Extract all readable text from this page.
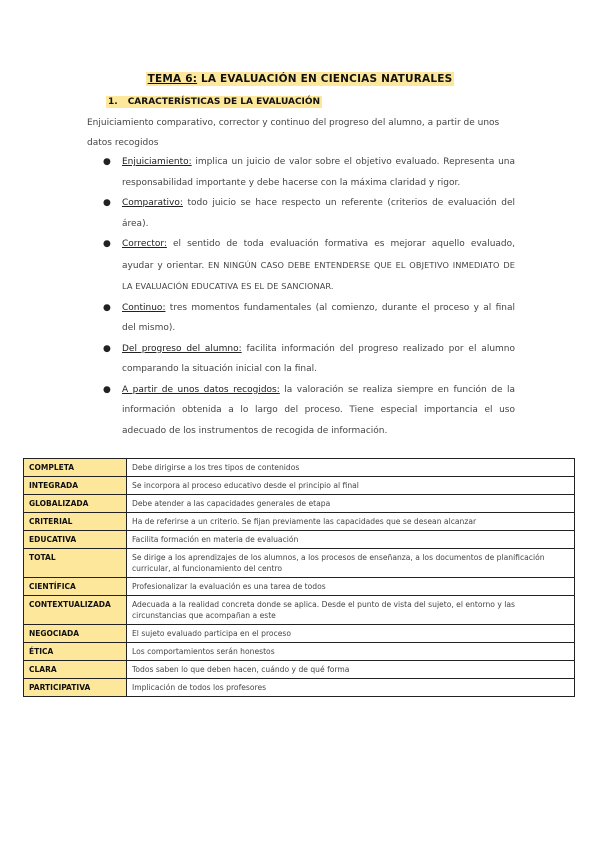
TEMA 6: LA EVALUACIÓN EN CIENCIAS NATURALES
1. CARACTERÍSTICAS DE LA EVALUACIÓN
Enjuiciamiento comparativo, corrector y continuo del progreso del alumno, a partir de unos datos recogidos
● Enjuiciamiento: implica un juicio de valor sobre el objetivo evaluado. Representa una responsabilidad importante y debe hacerse con la máxima claridad y rigor.
● Comparativo: todo juicio se hace respecto un referente (criterios de evaluación del área).
● Corrector: el sentido de toda evaluación formativa es mejorar aquello evaluado, ayudar y orientar. EN NINGÚN CASO DEBE ENTENDERSE QUE EL OBJETIVO INMEDIATO DE LA EVALUACIÓN EDUCATIVA ES EL DE SANCIONAR.
● Continuo: tres momentos fundamentales (al comienzo, durante el proceso y al final del mismo).
● Del progreso del alumno: facilita información del progreso realizado por el alumno comparando la situación inicial con la final.
● A partir de unos datos recogidos: la valoración se realiza siempre en función de la información obtenida a lo largo del proceso. Tiene especial importancia el uso adecuado de los instrumentos de recogida de información.
COMPLETA	Debe dirigirse a los tres tipos de contenidos
INTEGRADA	Se incorpora al proceso educativo desde el principio al final
GLOBALIZADA	Debe atender a las capacidades generales de etapa
CRITERIAL	Ha de referirse a un criterio. Se fijan previamente las capacidades que se desean alcanzar
EDUCATIVA	Facilita formación en materia de evaluación
TOTAL	Se dirige a los aprendizajes de los alumnos, a los procesos de enseñanza, a los documentos de planificación curricular, al funcionamiento del centro
CIENTÍFICA	Profesionalizar la evaluación es una tarea de todos
CONTEXTUALIZADA	Adecuada a la realidad concreta donde se aplica. Desde el punto de vista del sujeto, el entorno y las circunstancias que acompañan a este
NEGOCIADA	El sujeto evaluado participa en el proceso
ÉTICA	Los comportamientos serán honestos
CLARA	Todos saben lo que deben hacen, cuándo y de qué forma
PARTICIPATIVA	Implicación de todos los profesores
